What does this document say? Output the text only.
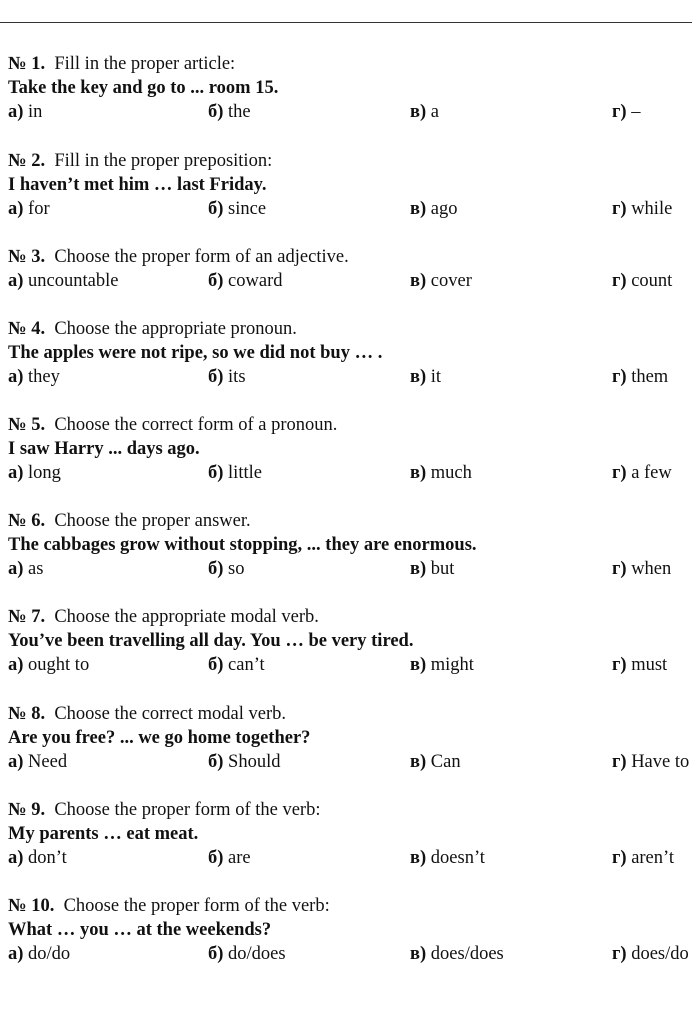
№ 1. Fill in the proper article:
Take the key and go to ... room 15.
а) in	б) the	в) a	г) –
№ 2. Fill in the proper preposition:
I haven’t met him … last Friday.
а) for	б) since	в) ago	г) while
№ 3. Choose the proper form of an adjective.
а) uncountable	б) coward	в) cover	г) count
№ 4. Choose the appropriate pronoun.
The apples were not ripe, so we did not buy … .
а) they	б) its	в) it	г) them
№ 5. Choose the correct form of a pronoun.
I saw Harry ... days ago.
а) long	б) little	в) much	г) a few
№ 6. Choose the proper answer.
The cabbages grow without stopping, ... they are enormous.
а) as	б) so	в) but	г) when
№ 7. Choose the appropriate modal verb.
You’ve been travelling all day. You … be very tired.
а) ought to	б) can’t	в) might	г) must
№ 8. Choose the correct modal verb.
Are you free? ... we go home together?
а) Need	б) Should	в) Can	г) Have to
№ 9. Choose the proper form of the verb:
My parents … eat meat.
а) don’t	б) are	в) doesn’t	г) aren’t
№ 10. Choose the proper form of the verb:
What … you … at the weekends?
а) do/do	б) do/does	в) does/does	г) does/do
